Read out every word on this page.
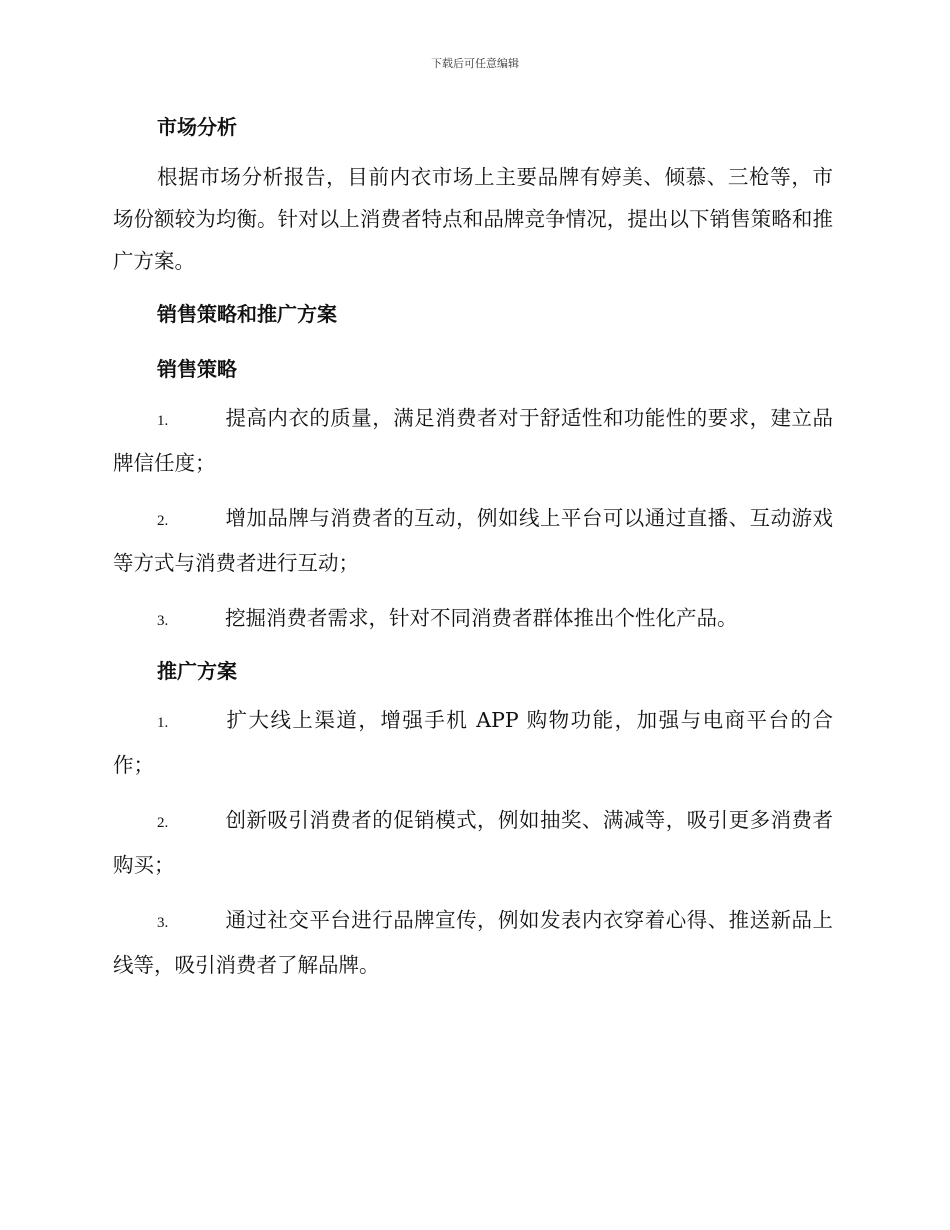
下载后可任意编辑
市场分析

根据市场分析报告，目前内衣市场上主要品牌有婷美、倾慕、三枪等，市场份额较为均衡。针对以上消费者特点和品牌竞争情况，提出以下销售策略和推广方案。

销售策略和推广方案
销售策略

1.	提高内衣的质量，满足消费者对于舒适性和功能性的要求，建立品牌信任度；

2.	增加品牌与消费者的互动，例如线上平台可以通过直播、互动游戏等方式与消费者进行互动；

3.	挖掘消费者需求，针对不同消费者群体推出个性化产品。

推广方案

1.	扩大线上渠道，增强手机 APP 购物功能，加强与电商平台的合作；

2.	创新吸引消费者的促销模式，例如抽奖、满减等，吸引更多消费者购买；

3.	通过社交平台进行品牌宣传，例如发表内衣穿着心得、推送新品上线等，吸引消费者了解品牌。
